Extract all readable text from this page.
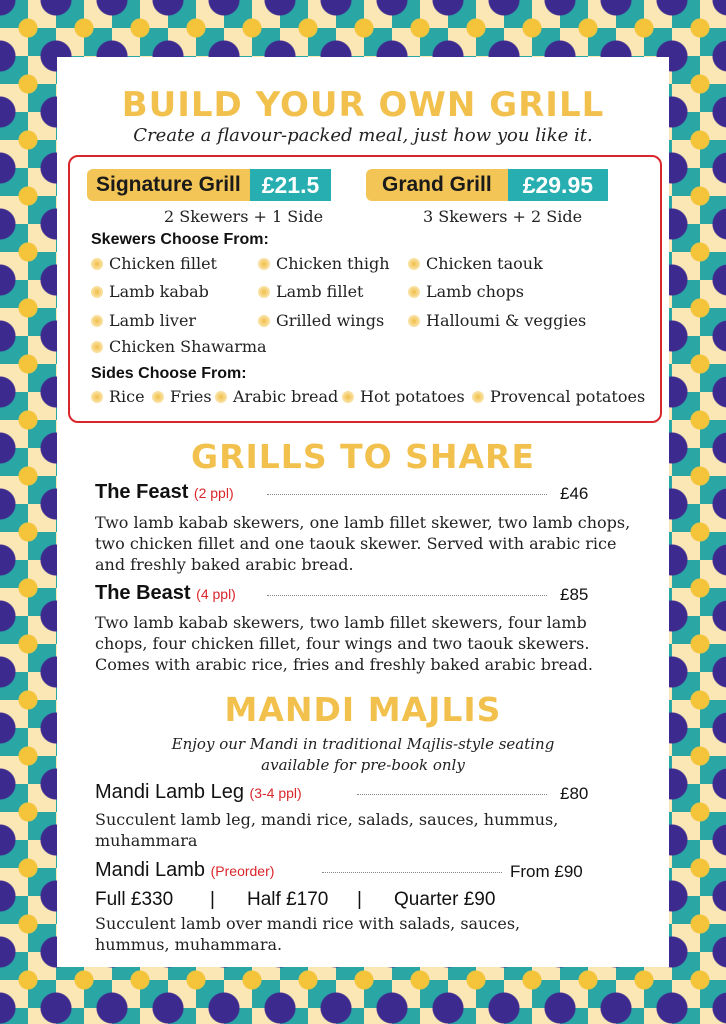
BUILD YOUR OWN GRILL
Create a flavour-packed meal, just how you like it.
Signature Grill £21.5
2 Skewers + 1 Side
Grand Grill	£29.95
3 Skewers + 2 Side
Skewers Choose From:
Chicken fillet	Chicken thigh Chicken taouk
Lamb kabab	Lamb fillet	Lamb chops
Lamb liver	Grilled wings	Halloumi & veggies
Chicken Shawarma
Sides Choose From:
Rice Fries Arabic bread Hot potatoes Provencal potatoes
GRILLS TO SHARE
The Feast (2 ppl)	£46
Two lamb kabab skewers, one lamb fillet skewer, two lamb chops, two chicken fillet and one taouk skewer. Served with arabic rice and freshly baked arabic bread.
The Beast (4 ppl)	£85
Two lamb kabab skewers, two lamb fillet skewers, four lamb chops, four chicken fillet, four wings and two taouk skewers. Comes with arabic rice, fries and freshly baked arabic bread.
MANDI MAJLIS
Enjoy our Mandi in traditional Majlis-style seating
available for pre-book only
Mandi Lamb Leg (3-4 ppl)	£80
Succulent lamb leg, mandi rice, salads, sauces, hummus, muhammara
Mandi Lamb (Preorder)	From £90
Full £330 | Half £170 | Quarter £90
Succulent lamb over mandi rice with salads, sauces, hummus, muhammara.
